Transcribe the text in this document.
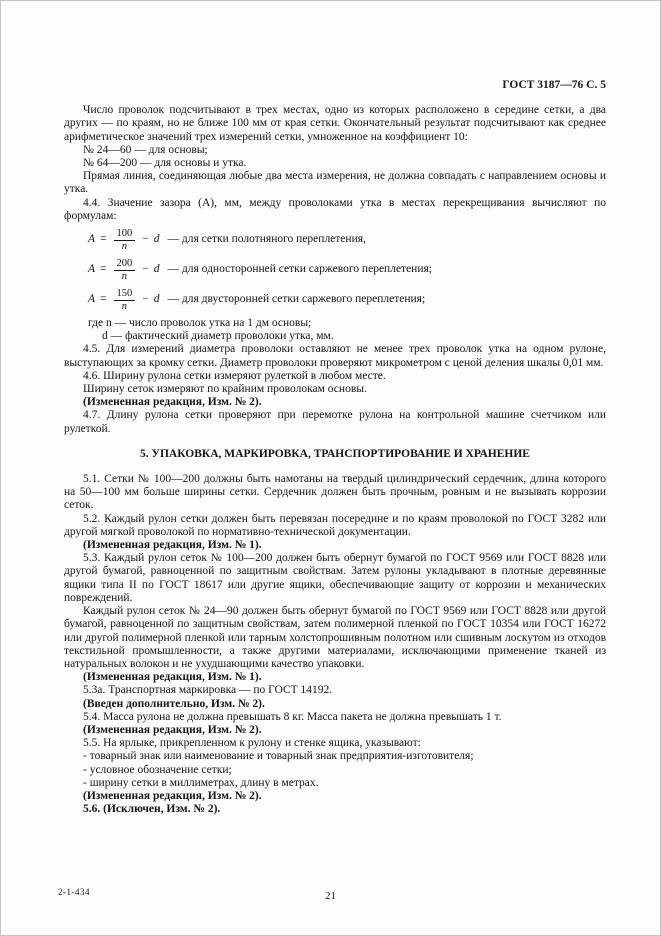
ГОСТ 3187—76 С. 5

Число проволок подсчитывают в трех местах, одно из которых расположено в середине сетки, а два других — по краям, но не ближе 100 мм от края сетки. Окончательный результат подсчитывают как среднее арифметическое значений трех измерений сетки, умноженное на коэффициент 10:

№ 24—60 — для основы;

№ 64—200 — для основы и утка.

Прямая линия, соединяющая любые два места измерения, не должна совпадать с направлением основы и утка.

4.4. Значение зазора (А), мм, между проволоками утка в местах перекрещивания вычисляют по формулам:

$А = \frac{100}{n} - d$ — для сетки полотняного переплетения,
$А = \frac{200}{n} - d$ — для односторонней сетки саржевого переплетения;
$А = \frac{150}{n} - d$ — для двусторонней сетки саржевого переплетения;

где n — число проволок утка на 1 дм основы;

d — фактический диаметр проволоки утка, мм.

4.5. Для измерений диаметра проволоки оставляют не менее трех проволок утка на одном рулоне, выступающих за кромку сетки. Диаметр проволоки проверяют микрометром с ценой деления шкалы 0,01 мм.

4.6. Ширину рулона сетки измеряют рулеткой в любом месте.

Ширину сеток измеряют по крайним проволокам основы.

(Измененная редакция, Изм. № 2).

4.7. Длину рулона сетки проверяют при перемотке рулона на контрольной машине счетчиком или рулеткой.

5. УПАКОВКА, МАРКИРОВКА, ТРАНСПОРТИРОВАНИЕ И ХРАНЕНИЕ

5.1. Сетки № 100—200 должны быть намотаны на твердый цилиндрический сердечник, длина которого на 50—100 мм больше ширины сетки. Сердечник должен быть прочным, ровным и не вызывать коррозии сеток.

5.2. Каждый рулон сетки должен быть перевязан посередине и по краям проволокой по ГОСТ 3282 или другой мягкой проволокой по нормативно-технической документации.

(Измененная редакция, Изм. № 1).

5.3. Каждый рулон сеток № 100—200 должен быть обернут бумагой по ГОСТ 9569 или ГОСТ 8828 или другой бумагой, равноценной по защитным свойствам. Затем рулоны укладывают в плотные деревянные ящики типа II по ГОСТ 18617 или другие ящики, обеспечивающие защиту от коррозии и механических повреждений.

Каждый рулон сеток № 24—90 должен быть обернут бумагой по ГОСТ 9569 или ГОСТ 8828 или другой бумагой, равноценной по защитным свойствам, затем полимерной пленкой по ГОСТ 10354 или ГОСТ 16272 или другой полимерной пленкой или тарным холстопрошивным полотном или сшивным лоскутом из отходов текстильной промышленности, а также другими материалами, исключающими применение тканей из натуральных волокон и не ухудшающими качество упаковки.

(Измененная редакция, Изм. № 1).

5.3а. Транспортная маркировка — по ГОСТ 14192.

(Введен дополнительно, Изм. № 2).

5.4. Масса рулона не должна превышать 8 кг. Масса пакета не должна превышать 1 т.

(Измененная редакция, Изм. № 2).

5.5. На ярлыке, прикрепленном к рулону и стенке ящика, указывают:

- товарный знак или наименование и товарный знак предприятия-изготовителя;

- условное обозначение сетки;

- ширину сетки в миллиметрах, длину в метрах.

(Измененная редакция, Изм. № 2).

5.6. (Исключен, Изм. № 2).

2-1-434	21
